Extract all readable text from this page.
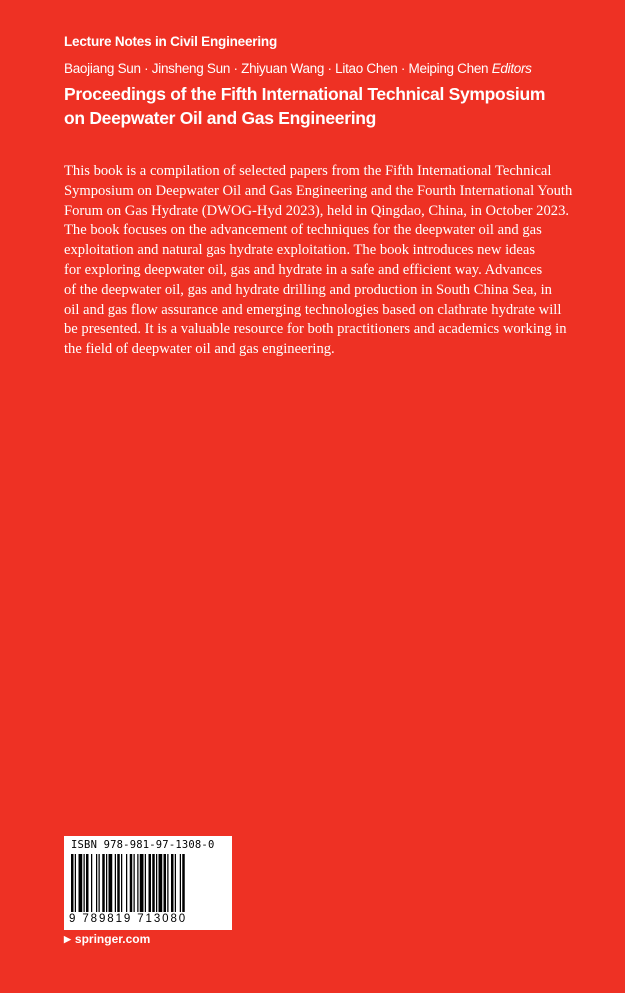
Lecture Notes in Civil Engineering
Baojiang Sun · Jinsheng Sun · Zhiyuan Wang · Litao Chen · Meiping Chen Editors
Proceedings of the Fifth International Technical Symposium
on Deepwater Oil and Gas Engineering
This book is a compilation of selected papers from the Fifth International Technical
Symposium on Deepwater Oil and Gas Engineering and the Fourth International Youth
Forum on Gas Hydrate (DWOG-Hyd 2023), held in Qingdao, China, in October 2023.
The book focuses on the advancement of techniques for the deepwater oil and gas
exploitation and natural gas hydrate exploitation. The book introduces new ideas
for exploring deepwater oil, gas and hydrate in a safe and efficient way. Advances
of the deepwater oil, gas and hydrate drilling and production in South China Sea, in
oil and gas flow assurance and emerging technologies based on clathrate hydrate will
be presented. It is a valuable resource for both practitioners and academics working in
the field of deepwater oil and gas engineering.
ISBN 978-981-97-1308-0
9 789819 713080
▶ springer.com
